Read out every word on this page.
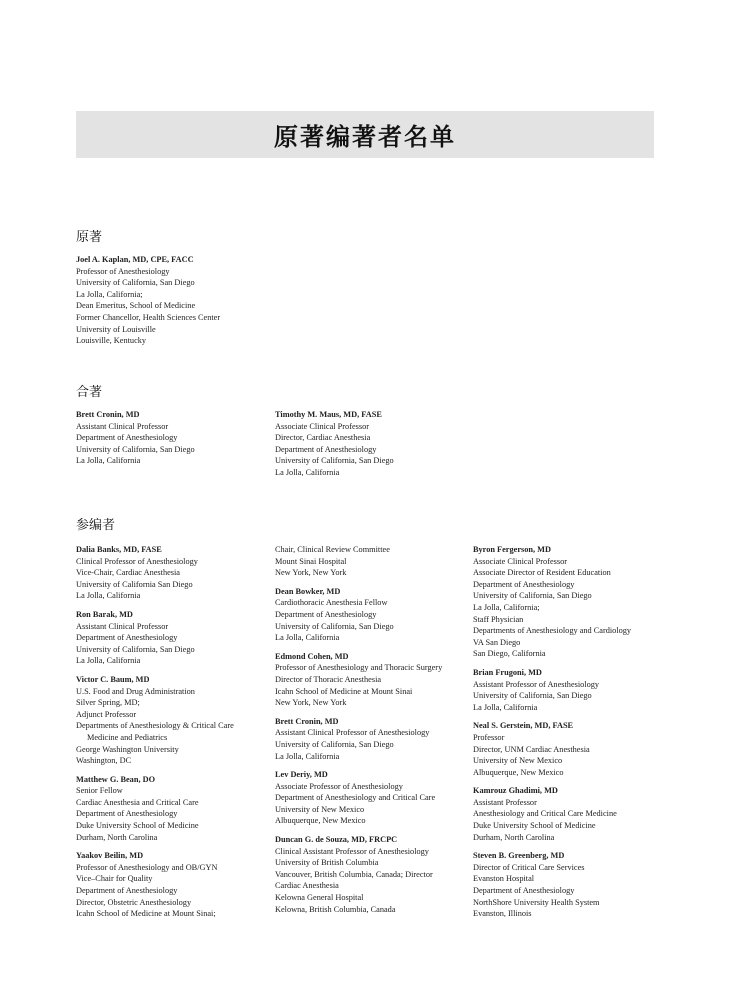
原著编著者名单
原著
Joel A. Kaplan, MD, CPE, FACC
Professor of Anesthesiology
University of California, San Diego
La Jolla, California;
Dean Emeritus, School of Medicine
Former Chancellor, Health Sciences Center
University of Louisville
Louisville, Kentucky
合著
Brett Cronin, MD
Assistant Clinical Professor
Department of Anesthesiology
University of California, San Diego
La Jolla, California
Timothy M. Maus, MD, FASE
Associate Clinical Professor
Director, Cardiac Anesthesia
Department of Anesthesiology
University of California, San Diego
La Jolla, California
参编者
Dalia Banks, MD, FASE
Clinical Professor of Anesthesiology
Vice-Chair, Cardiac Anesthesia
University of California San Diego
La Jolla, California
Ron Barak, MD
Assistant Clinical Professor
Department of Anesthesiology
University of California, San Diego
La Jolla, California
Victor C. Baum, MD
U.S. Food and Drug Administration
Silver Spring, MD;
Adjunct Professor
Departments of Anesthesiology & Critical Care
Medicine and Pediatrics
George Washington University
Washington, DC
Matthew G. Bean, DO
Senior Fellow
Cardiac Anesthesia and Critical Care
Department of Anesthesiology
Duke University School of Medicine
Durham, North Carolina
Yaakov Beilin, MD
Professor of Anesthesiology and OB/GYN
Vice–Chair for Quality
Department of Anesthesiology
Director, Obstetric Anesthesiology
Icahn School of Medicine at Mount Sinai;
Chair, Clinical Review Committee
Mount Sinai Hospital
New York, New York
Dean Bowker, MD
Cardiothoracic Anesthesia Fellow
Department of Anesthesiology
University of California, San Diego
La Jolla, California
Edmond Cohen, MD
Professor of Anesthesiology and Thoracic Surgery
Director of Thoracic Anesthesia
Icahn School of Medicine at Mount Sinai
New York, New York
Brett Cronin, MD
Assistant Clinical Professor of Anesthesiology
University of California, San Diego
La Jolla, California
Lev Deriy, MD
Associate Professor of Anesthesiology
Department of Anesthesiology and Critical Care
University of New Mexico
Albuquerque, New Mexico
Duncan G. de Souza, MD, FRCPC
Clinical Assistant Professor of Anesthesiology
University of British Columbia
Vancouver, British Columbia, Canada; Director
Cardiac Anesthesia
Kelowna General Hospital
Kelowna, British Columbia, Canada
Byron Fergerson, MD
Associate Clinical Professor
Associate Director of Resident Education
Department of Anesthesiology
University of California, San Diego
La Jolla, California;
Staff Physician
Departments of Anesthesiology and Cardiology
VA San Diego
San Diego, California
Brian Frugoni, MD
Assistant Professor of Anesthesiology
University of California, San Diego
La Jolla, California
Neal S. Gerstein, MD, FASE
Professor
Director, UNM Cardiac Anesthesia
University of New Mexico
Albuquerque, New Mexico
Kamrouz Ghadimi, MD
Assistant Professor
Anesthesiology and Critical Care Medicine
Duke University School of Medicine
Durham, North Carolina
Steven B. Greenberg, MD
Director of Critical Care Services
Evanston Hospital
Department of Anesthesiology
NorthShore University Health System
Evanston, Illinois
